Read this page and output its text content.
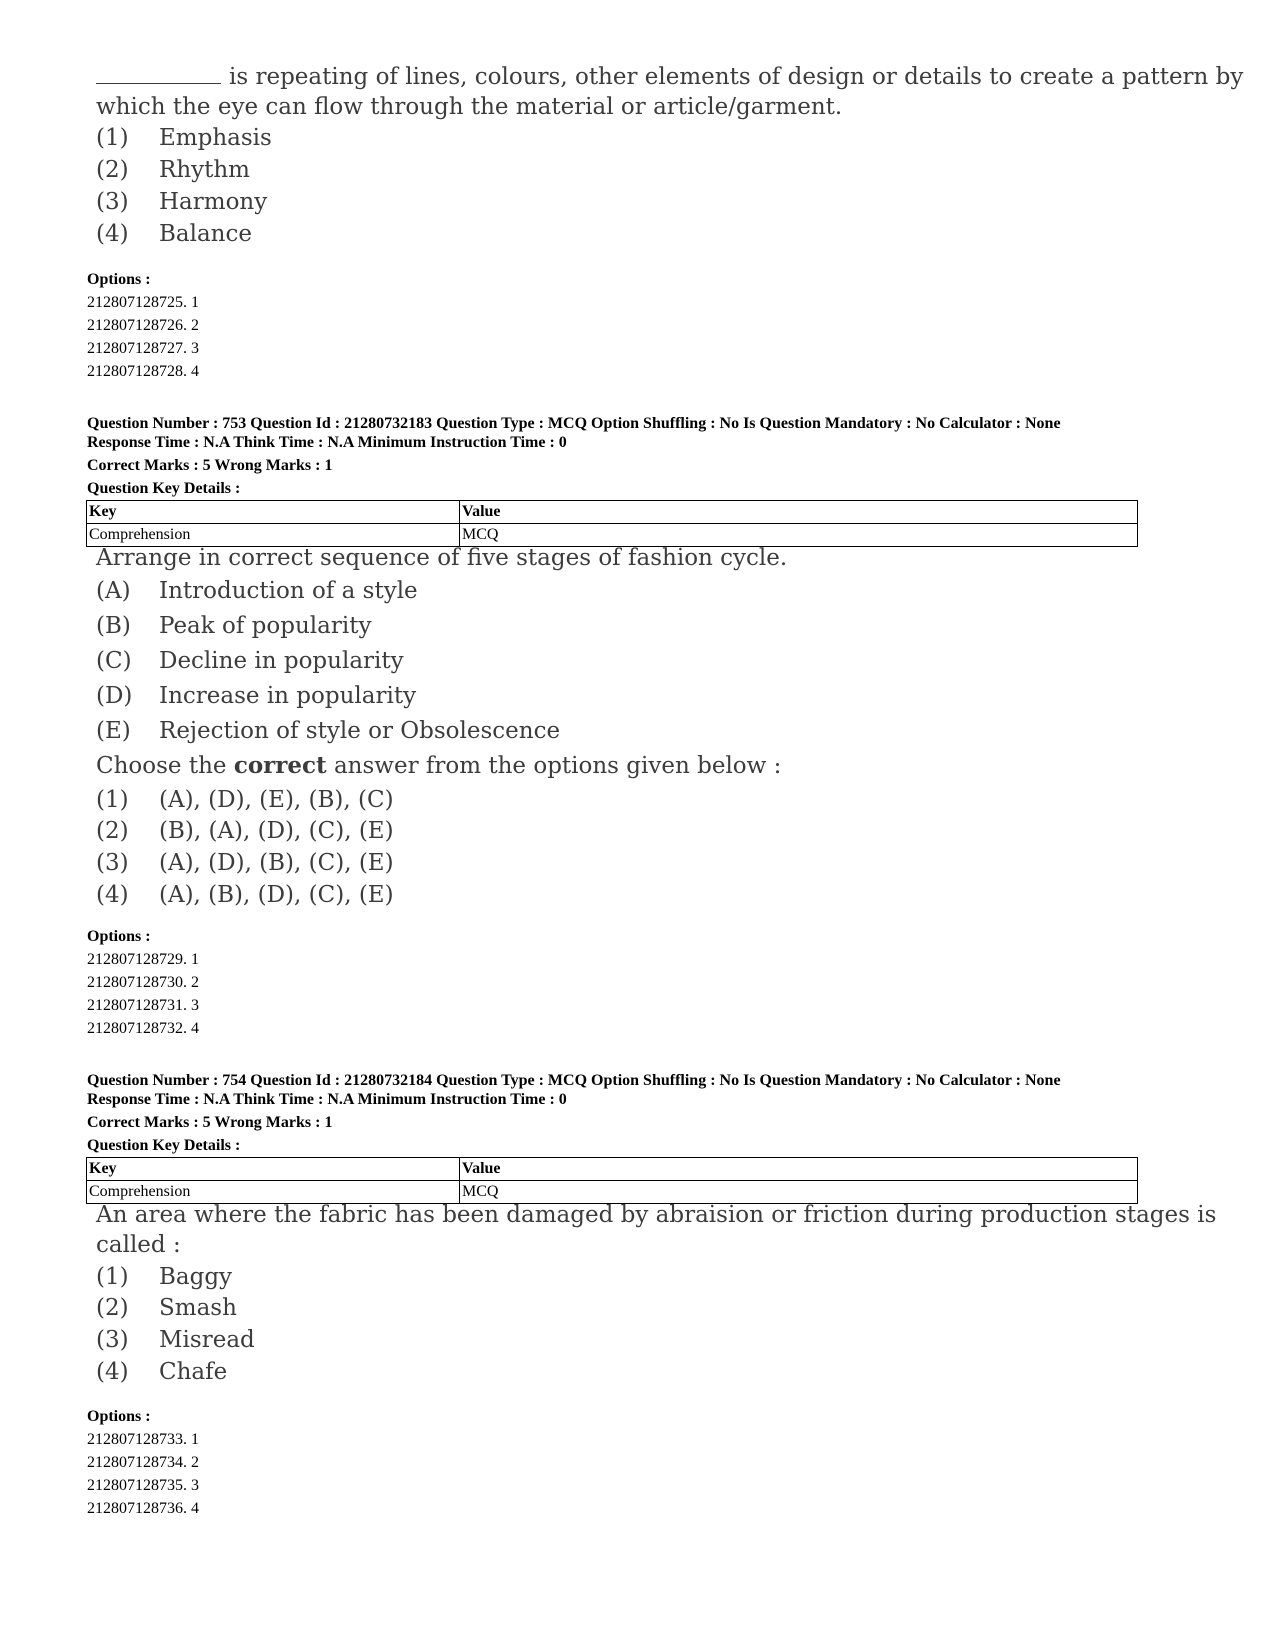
is repeating of lines, colours, other elements of design or details to create a pattern by
which the eye can flow through the material or article/garment.
(1) Emphasis
(2) Rhythm
(3) Harmony
(4) Balance
Options :
212807128725. 1
212807128726. 2
212807128727. 3
212807128728. 4
Question Number : 753 Question Id : 21280732183 Question Type : MCQ Option Shuffling : No Is Question Mandatory : No Calculator : None
Response Time : N.A Think Time : N.A Minimum Instruction Time : 0
Correct Marks : 5 Wrong Marks : 1
Question Key Details :
Key	Value
Comprehension	MCQ
Arrange in correct sequence of five stages of fashion cycle.
(A) Introduction of a style
(B) Peak of popularity
(C) Decline in popularity
(D) Increase in popularity
(E) Rejection of style or Obsolescence
Choose the correct answer from the options given below :
(1) (A), (D), (E), (B), (C)
(2) (B), (A), (D), (C), (E)
(3) (A), (D), (B), (C), (E)
(4) (A), (B), (D), (C), (E)
Options :
212807128729. 1
212807128730. 2
212807128731. 3
212807128732. 4
Question Number : 754 Question Id : 21280732184 Question Type : MCQ Option Shuffling : No Is Question Mandatory : No Calculator : None
Response Time : N.A Think Time : N.A Minimum Instruction Time : 0
Correct Marks : 5 Wrong Marks : 1
Question Key Details :
Key	Value
Comprehension	MCQ
An area where the fabric has been damaged by abraision or friction during production stages is
called :
(1) Baggy
(2) Smash
(3) Misread
(4) Chafe
Options :
212807128733. 1
212807128734. 2
212807128735. 3
212807128736. 4
